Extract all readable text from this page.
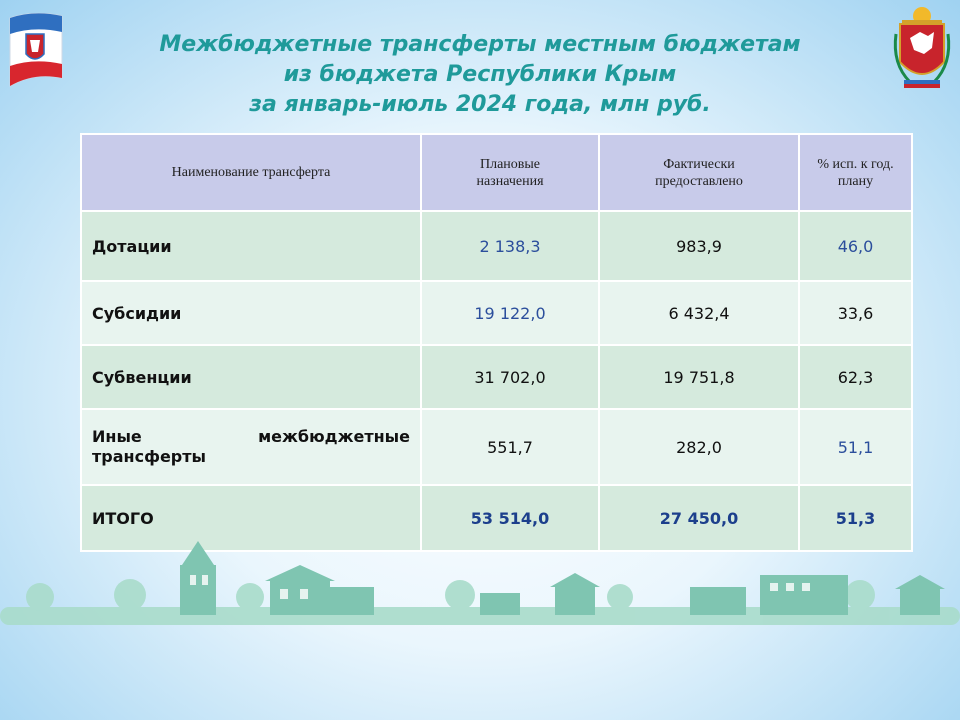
Межбюджетные трансферты местным бюджетам
из бюджета Республики Крым
за январь-июль 2024 года, млн руб.
Наименование трансферта	Плановые назначения	Фактически предоставлено	% исп. к год. плану
Дотации	2 138,3	983,9	46,0
Субсидии	19 122,0	6 432,4	33,6
Субвенции	31 702,0	19 751,8	62,3

Иные межбюджетные
трансферты	551,7	282,0	51,1
ИТОГО	53 514,0	27 450,0	51,3
